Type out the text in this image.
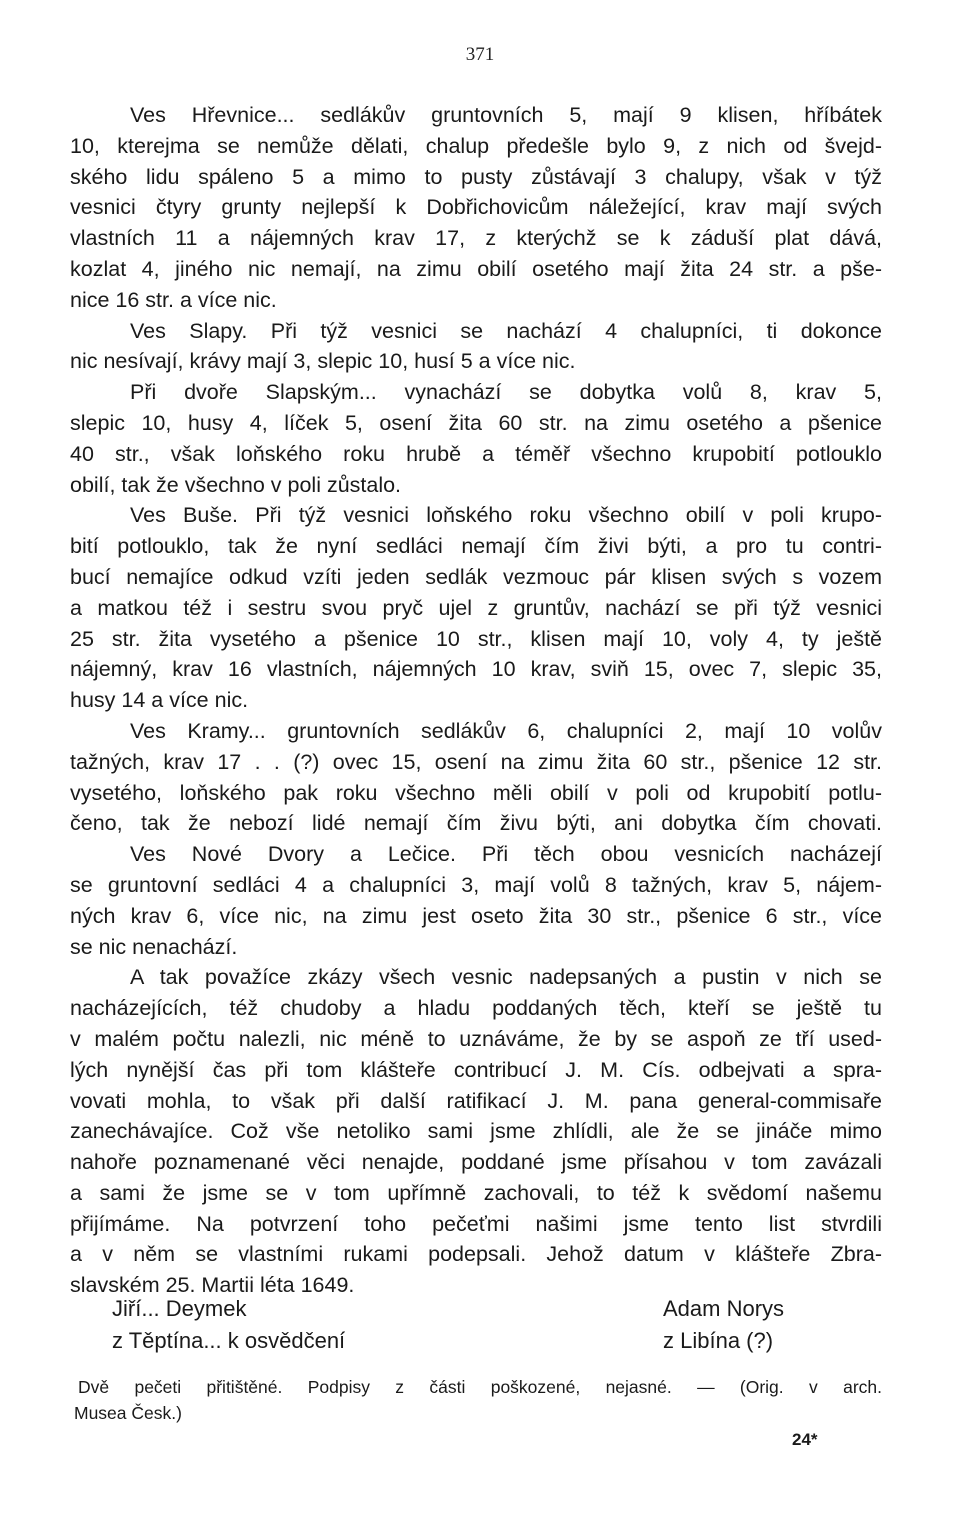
371
Ves Hřevnice... sedlákův gruntovních 5, mají 9 klisen, hříbátek
10, kterejma se nemůže dělati, chalup předešle bylo 9, z nich od švejd-
ského lidu spáleno 5 a mimo to pusty zůstávají 3 chalupy, však v týž
vesnici čtyry grunty nejlepší k Dobřichovicům náležející, krav mají svých
vlastních 11 a nájemných krav 17, z kterýchž se k záduší plat dává,
kozlat 4, jiného nic nemají, na zimu obilí osetého mají žita 24 str. a pše-
nice 16 str. a více nic.
Ves Slapy. Při týž vesnici se nachází 4 chalupníci, ti dokonce
nic nesívají, krávy mají 3, slepic 10, husí 5 a více nic.
Při dvoře Slapským... vynachází se dobytka volů 8, krav 5,
slepic 10, husy 4, líček 5, osení žita 60 str. na zimu osetého a pšenice
40 str., však loňského roku hrubě a téměř všechno krupobití potlouklo
obilí, tak že všechno v poli zůstalo.
Ves Buše. Při týž vesnici loňského roku všechno obilí v poli krupo-
bití potlouklo, tak že nyní sedláci nemají čím živi býti, a pro tu contri-
bucí nemajíce odkud vzíti jeden sedlák vezmouc pár klisen svých s vozem
a matkou též i sestru svou pryč ujel z gruntův, nachází se při týž vesnici
25 str. žita vysetého a pšenice 10 str., klisen mají 10, voly 4, ty ještě
nájemný, krav 16 vlastních, nájemných 10 krav, sviň 15, ovec 7, slepic 35,
husy 14 a více nic.
Ves Kramy... gruntovních sedlákův 6, chalupníci 2, mají 10 volův
tažných, krav 17 . . (?) ovec 15, osení na zimu žita 60 str., pšenice 12 str.
vysetého, loňského pak roku všechno měli obilí v poli od krupobití potlu-
čeno, tak že nebozí lidé nemají čím živu býti, ani dobytka čím chovati.
Ves Nové Dvory a Lečice. Při těch obou vesnicích nacházejí
se gruntovní sedláci 4 a chalupníci 3, mají volů 8 tažných, krav 5, nájem-
ných krav 6, více nic, na zimu jest oseto žita 30 str., pšenice 6 str., více
se nic nenachází.
A tak považíce zkázy všech vesnic nadepsaných a pustin v nich se
nacházejících, též chudoby a hladu poddaných těch, kteří se ještě tu
v malém počtu nalezli, nic méně to uznáváme, že by se aspoň ze tří used-
lých nynější čas při tom klášteře contribucí J. M. Cís. odbejvati a spra-
vovati mohla, to však při další ratifikací J. M. pana general-commisaře
zanechávajíce. Což vše netoliko sami jsme zhlídli, ale že se jináče mimo
nahoře poznamenané věci nenajde, poddané jsme přísahou v tom zavázali
a sami že jsme se v tom upřímně zachovali, to též k svědomí našemu
přijímáme. Na potvrzení toho pečeťmi našimi jsme tento list stvrdili
a v něm se vlastními rukami podepsali. Jehož datum v klášteře Zbra-
slavském 25. Martii léta 1649.
Jiří... Deymek
z Těptína... k osvědčení
Adam Norys
z Libína (?)
Dvě pečeti přitištěné. Podpisy z části poškozené, nejasné. — (Orig. v arch.
Musea Česk.)
24*
